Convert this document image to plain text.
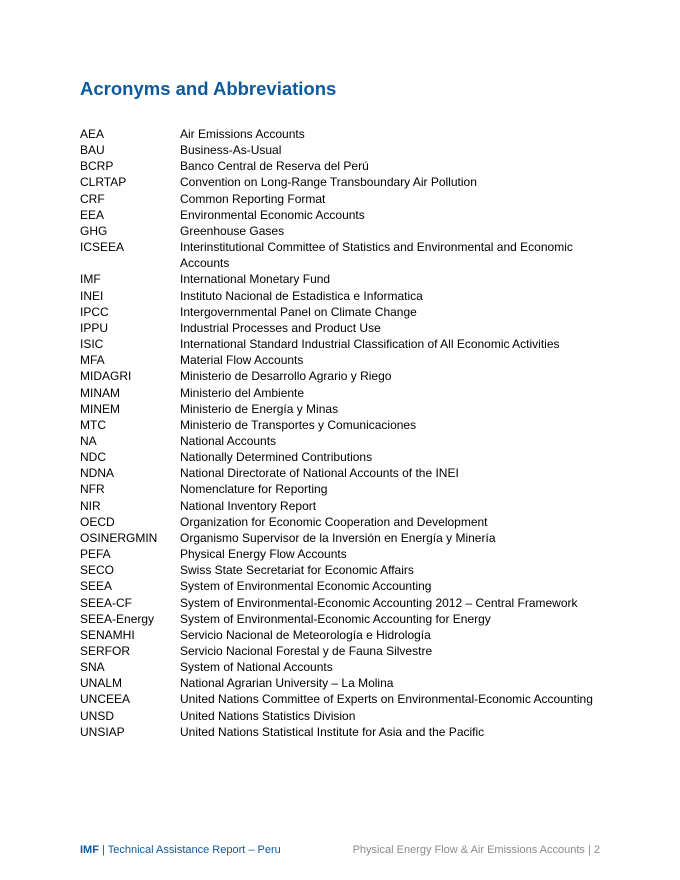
Acronyms and Abbreviations
AEA	Air Emissions Accounts
BAU	Business-As-Usual
BCRP	Banco Central de Reserva del Perú
CLRTAP	Convention on Long-Range Transboundary Air Pollution
CRF	Common Reporting Format
EEA	Environmental Economic Accounts
GHG	Greenhouse Gases
ICSEEA	Interinstitutional Committee of Statistics and Environmental and Economic Accounts
IMF	International Monetary Fund
INEI	Instituto Nacional de Estadistica e Informatica
IPCC	Intergovernmental Panel on Climate Change
IPPU	Industrial Processes and Product Use
ISIC	International Standard Industrial Classification of All Economic Activities
MFA	Material Flow Accounts
MIDAGRI	Ministerio de Desarrollo Agrario y Riego
MINAM	Ministerio del Ambiente
MINEM	Ministerio de Energía y Minas
MTC	Ministerio de Transportes y Comunicaciones
NA	National Accounts
NDC	Nationally Determined Contributions
NDNA	National Directorate of National Accounts of the INEI
NFR	Nomenclature for Reporting
NIR	National Inventory Report
OECD	Organization for Economic Cooperation and Development
OSINERGMIN	Organismo Supervisor de la Inversión en Energía y Minería
PEFA	Physical Energy Flow Accounts
SECO	Swiss State Secretariat for Economic Affairs
SEEA	System of Environmental Economic Accounting
SEEA-CF	System of Environmental-Economic Accounting 2012 – Central Framework
SEEA-Energy	System of Environmental-Economic Accounting for Energy
SENAMHI	Servicio Nacional de Meteorología e Hidrología
SERFOR	Servicio Nacional Forestal y de Fauna Silvestre
SNA	System of National Accounts
UNALM	National Agrarian University – La Molina
UNCEEA	United Nations Committee of Experts on Environmental-Economic Accounting
UNSD	United Nations Statistics Division
UNSIAP	United Nations Statistical Institute for Asia and the Pacific
IMF | Technical Assistance Report – Peru	Physical Energy Flow & Air Emissions Accounts | 2
